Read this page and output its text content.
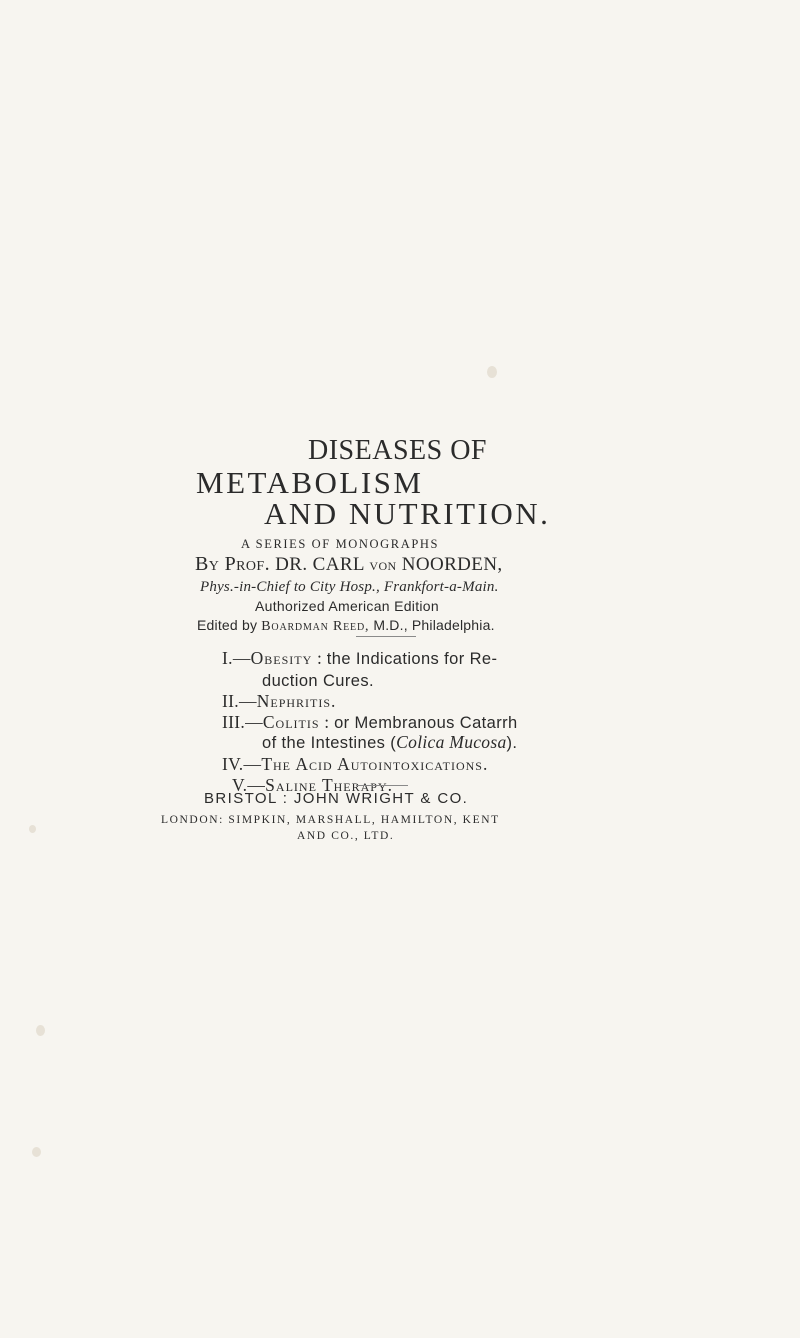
DISEASES OF
METABOLISM
AND NUTRITION.
A SERIES OF MONOGRAPHS
By Prof. DR. CARL von NOORDEN,
Phys.-in-Chief to City Hosp., Frankfort-a-Main.
Authorized American Edition
Edited by Boardman Reed, M.D., Philadelphia.
I.—Obesity : the Indications for Re-
duction Cures.
II.—Nephritis.
III.—Colitis : or Membranous Catarrh
of the Intestines (Colica Mucosa).
IV.—The Acid Autointoxications.
V.—Saline Therapy.
BRISTOL : JOHN WRIGHT & CO.
LONDON: SIMPKIN, MARSHALL, HAMILTON, KENT
AND CO., LTD.
